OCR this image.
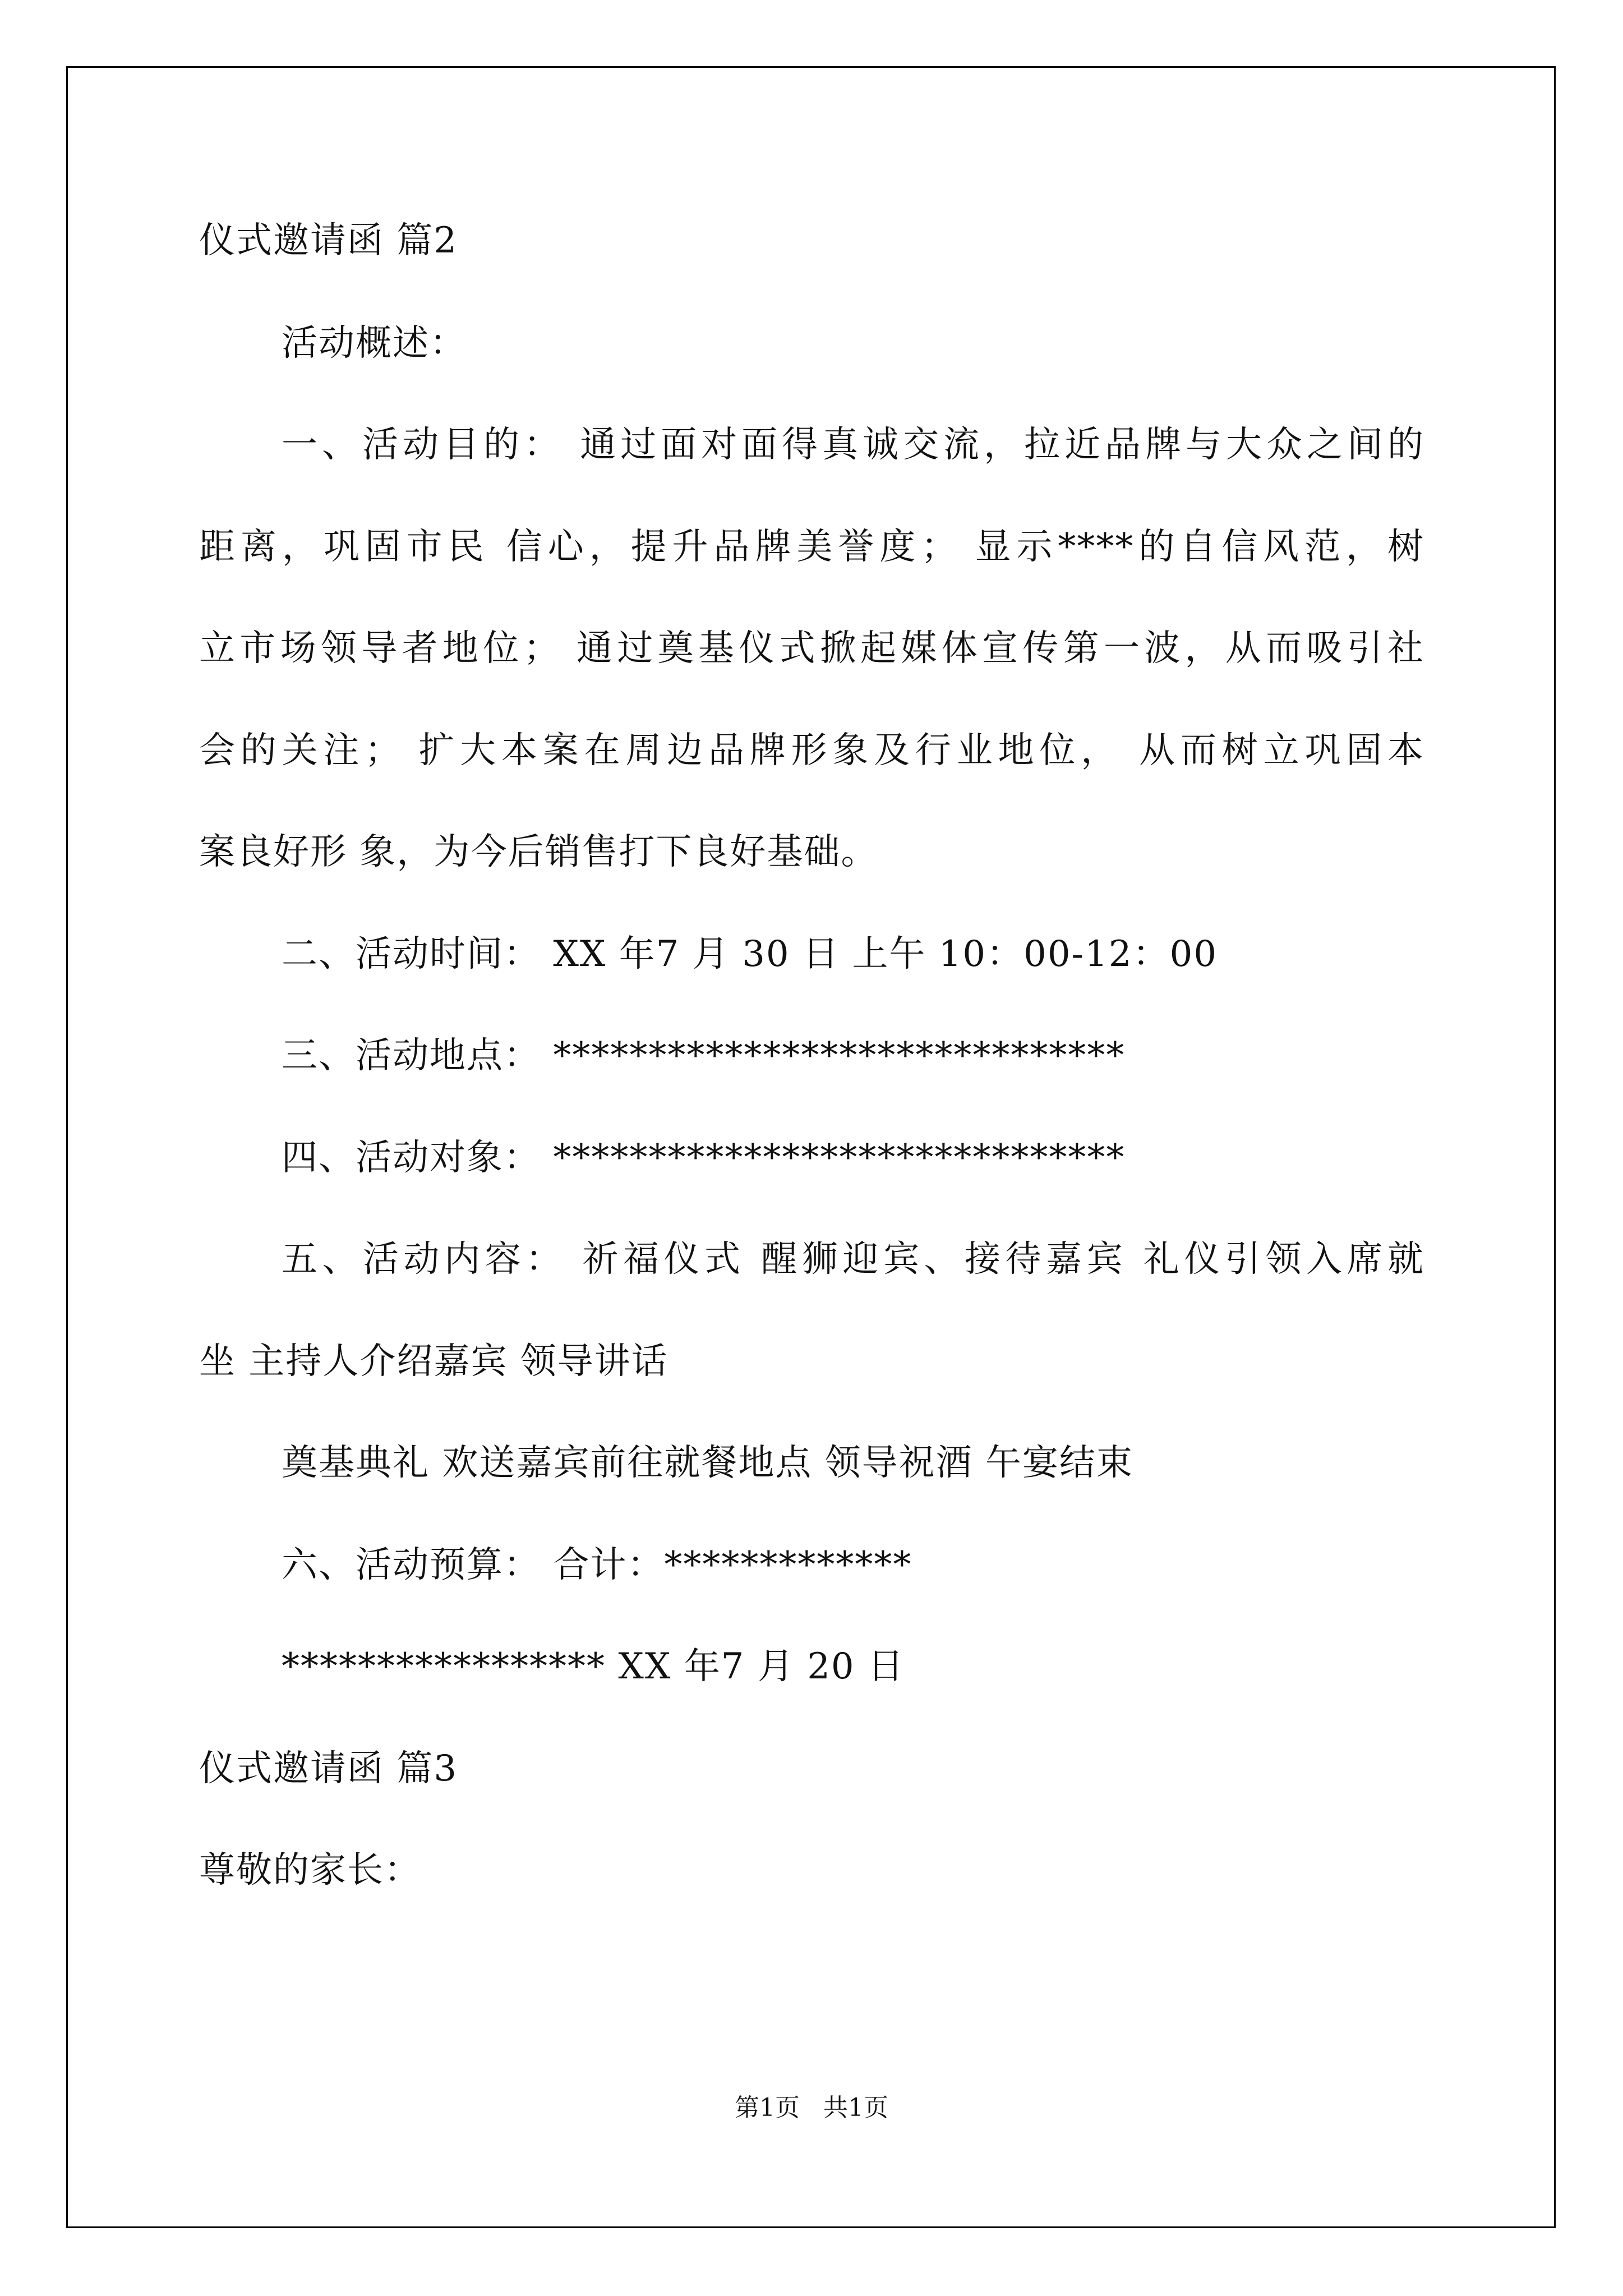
仪式邀请函 篇2
活动概述：
一、活动目的： 通过面对面得真诚交流，拉近品牌与大众之间的
距离，巩固市民 信心，提升品牌美誉度； 显示****的自信风范，树
立市场领导者地位； 通过奠基仪式掀起媒体宣传第一波，从而吸引社
会的关注； 扩大本案在周边品牌形象及行业地位， 从而树立巩固本
案良好形 象，为今后销售打下良好基础。
二、活动时间： XX 年7 月 30 日 上午 10：00-12：00
三、活动地点： ******************************
四、活动对象： ******************************
五、活动内容： 祈福仪式 醒狮迎宾、接待嘉宾 礼仪引领入席就
坐 主持人介绍嘉宾 领导讲话
奠基典礼 欢送嘉宾前往就餐地点 领导祝酒 午宴结束
六、活动预算： 合计：*************
***************** XX 年7 月 20 日
仪式邀请函 篇3
尊敬的家长：
第1页   共1页
